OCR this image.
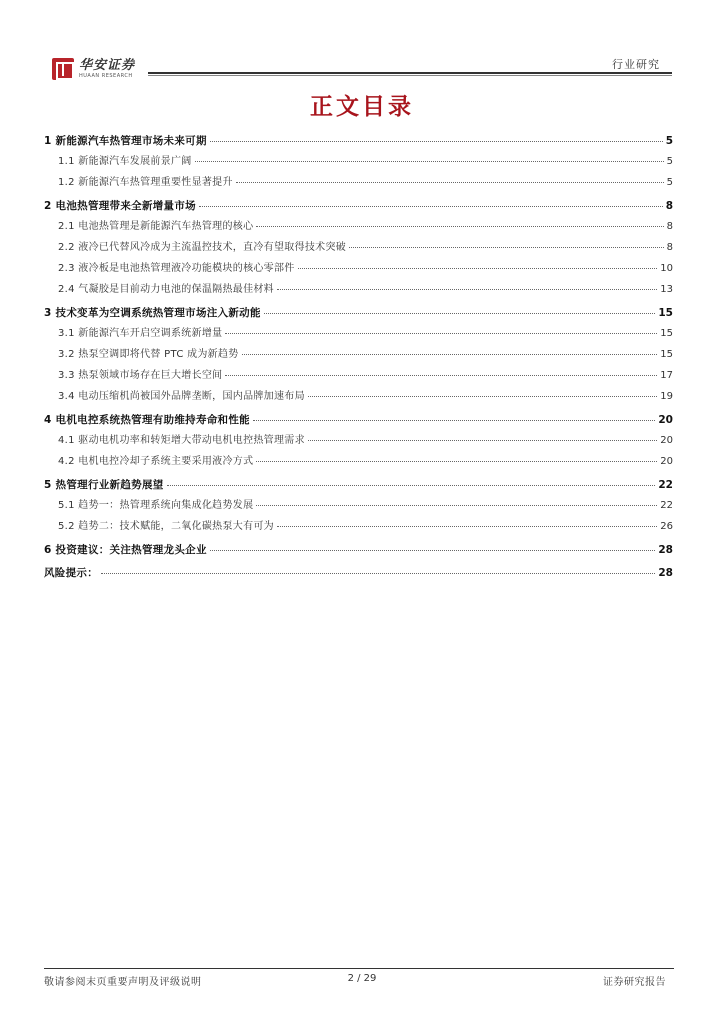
华安证券
HUAAN RESEARCH
行业研究
正文目录
1 新能源汽车热管理市场未来可期	5
1.1 新能源汽车发展前景广阔	5
1.2 新能源汽车热管理重要性显著提升	5
2 电池热管理带来全新增量市场	8
2.1 电池热管理是新能源汽车热管理的核心	8
2.2 液冷已代替风冷成为主流温控技术，直冷有望取得技术突破	8
2.3 液冷板是电池热管理液冷功能模块的核心零部件	10
2.4 气凝胶是目前动力电池的保温隔热最佳材料	13
3 技术变革为空调系统热管理市场注入新动能	15
3.1 新能源汽车开启空调系统新增量	15
3.2 热泵空调即将代替 PTC 成为新趋势	15
3.3 热泵领域市场存在巨大增长空间	17
3.4 电动压缩机尚被国外品牌垄断，国内品牌加速布局	19
4 电机电控系统热管理有助维持寿命和性能	20
4.1 驱动电机功率和转矩增大带动电机电控热管理需求	20
4.2 电机电控冷却子系统主要采用液冷方式	20
5 热管理行业新趋势展望	22
5.1 趋势一：热管理系统向集成化趋势发展	22
5.2 趋势二：技术赋能，二氧化碳热泵大有可为	26
6 投资建议：关注热管理龙头企业	28
风险提示：	28
敬请参阅末页重要声明及评级说明	2 / 29	证券研究报告
